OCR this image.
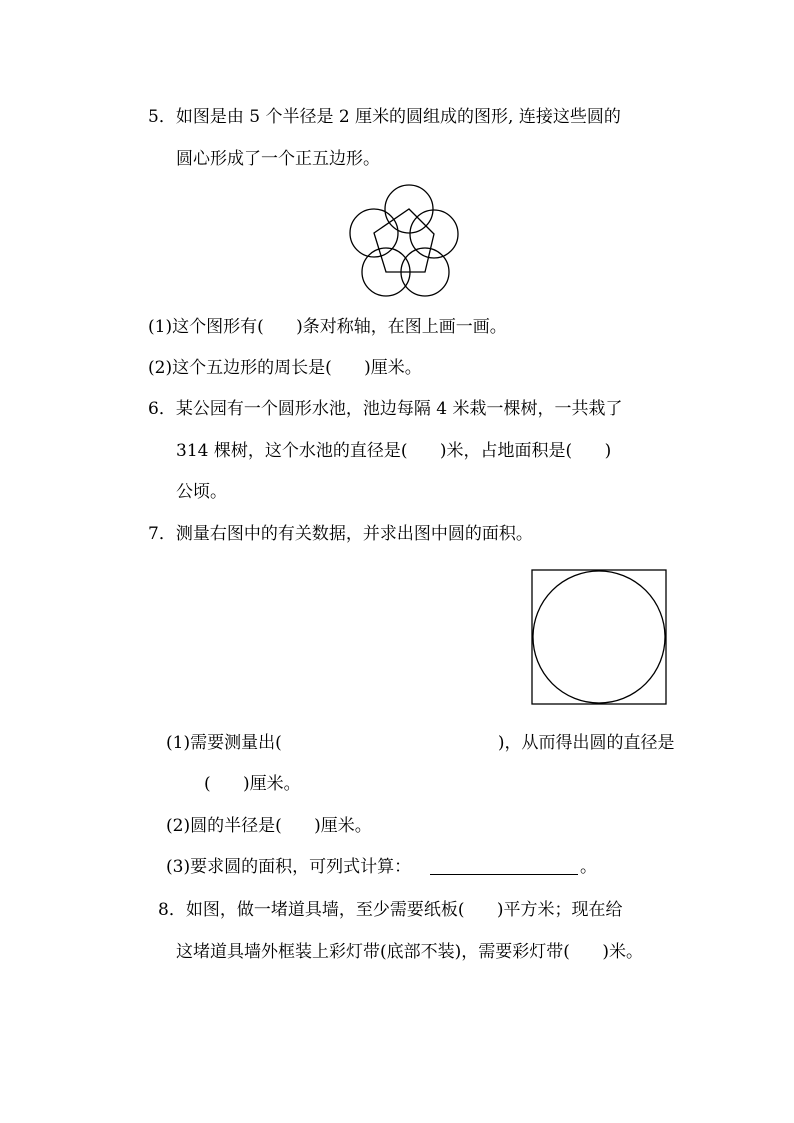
5．如图是由 5 个半径是 2 厘米的圆组成的图形, 连接这些圆的
圆心形成了一个正五边形。
(1)这个图形有(      )条对称轴，在图上画一画。
(2)这个五边形的周长是(      )厘米。
6．某公园有一个圆形水池，池边每隔 4 米栽一棵树，一共栽了
314 棵树，这个水池的直径是(      )米，占地面积是(      )
公顷。
7．测量右图中的有关数据，并求出图中圆的面积。
(1)需要测量出(                                        )，从而得出圆的直径是
(      )厘米。
(2)圆的半径是(      )厘米。
(3)要求圆的面积，可列式计算：	。
8．如图，做一堵道具墙，至少需要纸板(      )平方米；现在给
这堵道具墙外框装上彩灯带(底部不装)，需要彩灯带(      )米。
